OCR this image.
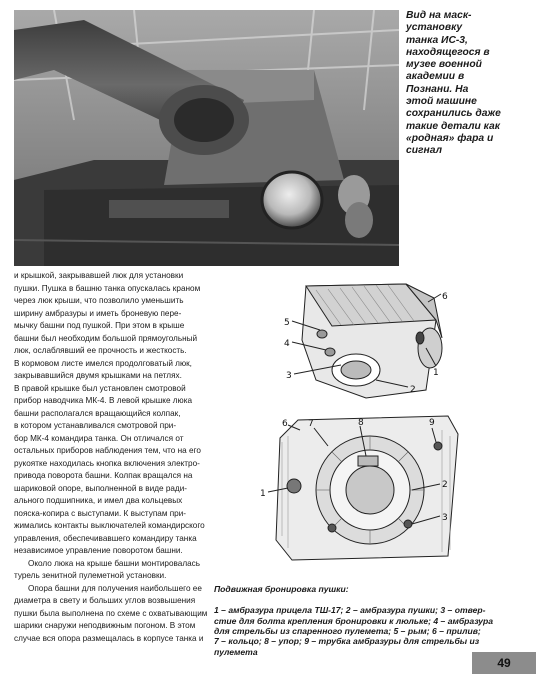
Вид на маск-
установку
танка ИС-3,
находящегося в
музее военной
академии в
Познани. На
этой машине
сохранились даже
такие детали как
«родная» фара и
сигнал

и крышкой, закрывавшей люк для установки
пушки. Пушка в башню танка опускалась краном
через люк крыши, что позволило уменьшить
ширину амбразуры и иметь броневую пере-
мычку башни под пушкой. При этом в крыше
башни был необходим большой прямоугольный
люк, ослаблявший ее прочность и жесткость.
В кормовом листе имелся продолговатый люк,
закрывавшийся двумя крышками на петлях.
В правой крышке был установлен смотровой
прибор наводчика МК-4. В левой крышке люка
башни располагался вращающийся колпак,
в котором устанавливался смотровой при-
бор МК-4 командира танка. Он отличался от
остальных приборов наблюдения тем, что на его
рукоятке находилась кнопка включения электро-
привода поворота башни. Колпак вращался на
шариковой опоре, выполненной в виде ради-
ального подшипника, и имел два кольцевых
пояска-копира с выступами. К выступам при-
жимались контакты выключателей командирского
управления, обеспечивавшего командиру танка
независимое управление поворотом башни.

Около люка на крыше башни монтировалась
турель зенитной пулеметной установки.

Опора башни для получения наибольшего ее
диаметра в свету и больших углов возвышения
пушки была выполнена по схеме с охватывающим
шарики снаружи неподвижным погоном. В этом
случае вся опора размещалась в корпусе танка и

5
6
4
3	1
2
6 7	8	9
1
2
3

Подвижная бронировка пушки:

1 – амбразура прицела ТШ-17; 2 – амбразура пушки; 3 – отвер-
стие для болта крепления бронировки к люльке; 4 – амбразура
для стрельбы из спаренного пулемета; 5 – рым; 6 – прилив;
7 – кольцо; 8 – упор; 9 – трубка амбразуры для стрельбы из
пулемета

49
